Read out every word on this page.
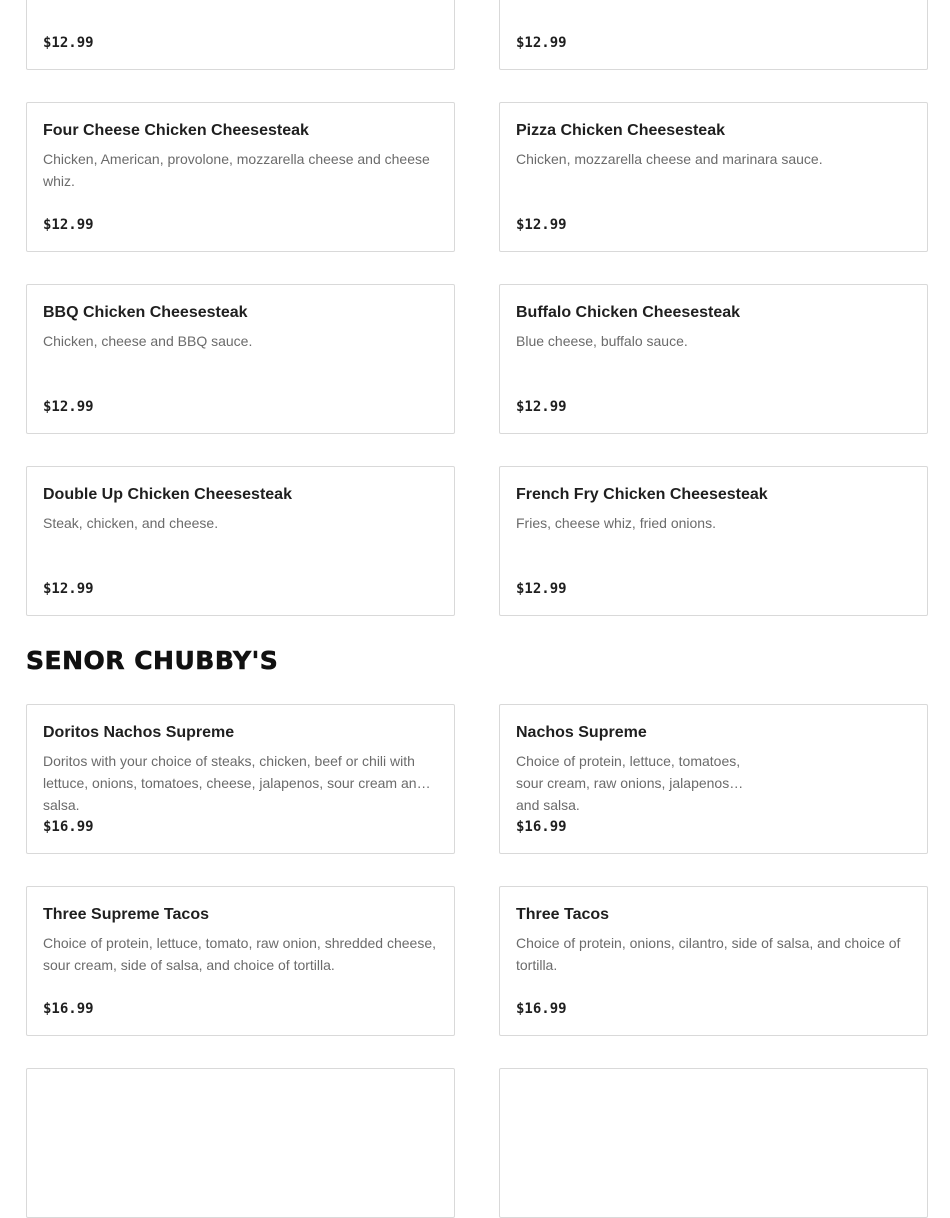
$12.99	$12.99
Four Cheese Chicken Cheesesteak
Chicken, American, provolone, mozzarella cheese and cheese whiz.
$12.99
Pizza Chicken Cheesesteak
Chicken, mozzarella cheese and marinara sauce.
$12.99
BBQ Chicken Cheesesteak
Chicken, cheese and BBQ sauce.
$12.99
Buffalo Chicken Cheesesteak
Blue cheese, buffalo sauce.
$12.99
Double Up Chicken Cheesesteak
Steak, chicken, and cheese.
$12.99
French Fry Chicken Cheesesteak
Fries, cheese whiz, fried onions.
$12.99
SENOR CHUBBY'S
Doritos Nachos Supreme
Doritos with your choice of steaks, chicken, beef or chili with lettuce, onions, tomatoes, cheese, jalapenos, sour cream and salsa.
$16.99
Nachos Supreme
Choice of protein, lettuce, tomatoes, sour cream, raw onions, jalapenos, and salsa.
$16.99
Three Supreme Tacos
Choice of protein, lettuce, tomato, raw onion, shredded cheese, sour cream, side of salsa, and choice of tortilla.
$16.99
Three Tacos
Choice of protein, onions, cilantro, side of salsa, and choice of tortilla.
$16.99
